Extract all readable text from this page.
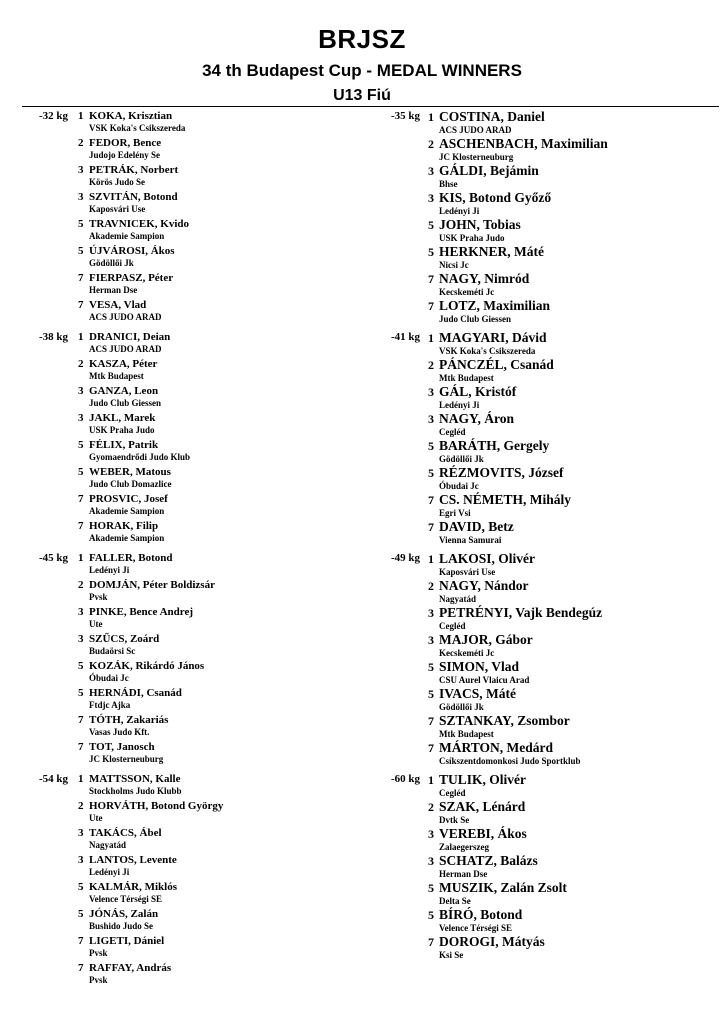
BRJSZ
34 th Budapest Cup - MEDAL WINNERS
U13 Fiú
-32 kg 1 KOKA, Krisztian
VSK Koka's Csikszereda
2 FEDOR, Bence
Judojo Edelény Se
3 PETRÁK, Norbert
Körös Judo Se
3 SZVITÁN, Botond
Kaposvári Use
5 TRAVNICEK, Kvido
Akademie Sampion
5 ÚJVÁROSI, Ákos
Gödöllői Jk
7 FIERPASZ, Péter
Herman Dse
7 VESA, Vlad
ACS JUDO ARAD
-38 kg 1 DRANICI, Deian
ACS JUDO ARAD
2 KASZA, Péter
Mtk Budapest
3 GANZA, Leon
Judo Club Giessen
3 JAKL, Marek
USK Praha Judo
5 FÉLIX, Patrik
Gyomaendrődi Judo Klub
5 WEBER, Matous
Judo Club Domazlice
7 PROSVIC, Josef
Akademie Sampion
7 HORAK, Filip
Akademie Sampion
-45 kg 1 FALLER, Botond
Ledényi Ji
2 DOMJÁN, Péter Boldizsár
Pvsk
3 PINKE, Bence Andrej
Ute
3 SZŰCS, Zoárd
Budaörsi Sc
5 KOZÁK, Rikárdó János
Óbudai Jc
5 HERNÁDI, Csanád
Ftdjc Ajka
7 TÓTH, Zakariás
Vasas Judo Kft.
7 TOT, Janosch
JC Klosterneuburg
-54 kg 1 MATTSSON, Kalle
Stockholms Judo Klubb
2 HORVÁTH, Botond György
Ute
3 TAKÁCS, Ábel
Nagyatád
3 LANTOS, Levente
Ledényi Ji
5 KALMÁR, Miklós
Velence Térségi SE
5 JÓNÁS, Zalán
Bushido Judo Se
7 LIGETI, Dániel
Pvsk
7 RAFFAY, András
Pvsk
-35 kg 1 COSTINA, Daniel
ACS JUDO ARAD
2 ASCHENBACH, Maximilian
JC Klosterneuburg
3 GÁLDI, Bejámin
Bhse
3 KIS, Botond Győző
Ledényi Ji
5 JOHN, Tobias
USK Praha Judo
5 HERKNER, Máté
Nicsi Jc
7 NAGY, Nimród
Kecskeméti Jc
7 LOTZ, Maximilian
Judo Club Giessen
-41 kg 1 MAGYARI, Dávid
VSK Koka's Csikszereda
2 PÁNCZÉL, Csanád
Mtk Budapest
3 GÁL, Kristóf
Ledényi Ji
3 NAGY, Áron
Cegléd
5 BARÁTH, Gergely
Gödöllői Jk
5 RÉZMOVITS, József
Óbudai Jc
7 CS. NÉMETH, Mihály
Egri Vsi
7 DAVID, Betz
Vienna Samurai
-49 kg 1 LAKOSI, Olivér
Kaposvári Use
2 NAGY, Nándor
Nagyatád
3 PETRÉNYI, Vajk Bendegúz
Cegléd
3 MAJOR, Gábor
Kecskeméti Jc
5 SIMON, Vlad
CSU Aurel Vlaicu Arad
5 IVACS, Máté
Gödöllői Jk
7 SZTANKAY, Zsombor
Mtk Budapest
7 MÁRTON, Medárd
Csíkszentdomonkosi Judo Sportklub
-60 kg 1 TULIK, Olivér
Cegléd
2 SZAK, Lénárd
Dvtk Se
3 VEREBI, Ákos
Zalaegerszeg
3 SCHATZ, Balázs
Herman Dse
5 MUSZIK, Zalán Zsolt
Delta Se
5 BÍRÓ, Botond
Velence Térségi SE
7 DOROGI, Mátyás
Ksi Se
